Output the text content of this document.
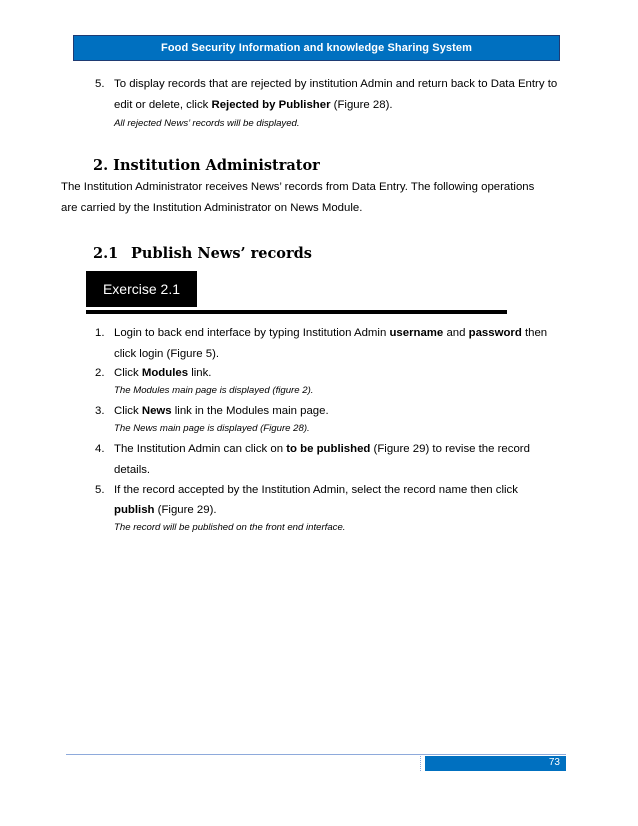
Food Security Information and knowledge Sharing System
5. To display records that are rejected by institution Admin and return back to Data Entry to
edit or delete, click Rejected by Publisher (Figure 28).
All rejected News’ records will be displayed.
2. Institution Administrator
The Institution Administrator receives News’ records from Data Entry. The following operations
are carried by the Institution Administrator on News Module.
2.1 Publish News’ records
Exercise 2.1
1. Login to back end interface by typing Institution Admin username and password then
click login (Figure 5).
2. Click Modules link.
The Modules main page is displayed (figure 2).
3. Click News link in the Modules main page.
The News main page is displayed (Figure 28).
4. The Institution Admin can click on to be published (Figure 29) to revise the record
details.
5. If the record accepted by the Institution Admin, select the record name then click
publish (Figure 29).
The record will be published on the front end interface.
73
